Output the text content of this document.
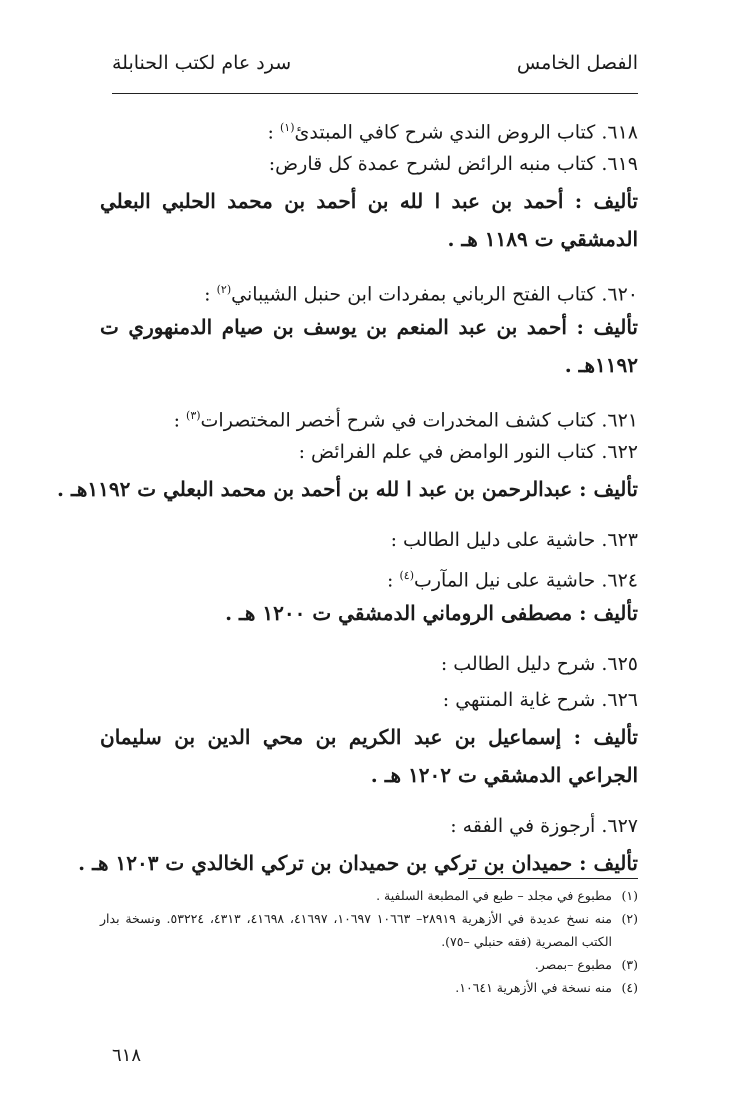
الفصل الخامس
سرد عام لكتب الحنابلة
٦١٨. كتاب الروض الندي شرح كافي المبتدئ$^{(١)}$ :
٦١٩. كتاب منبه الرائض لشرح عمدة كل قارض:
تأليف : أحمد بن عبد ا لله بن أحمد بن محمد الحلبي البعلي الدمشقي ت ١١٨٩ هـ .
٦٢٠. كتاب الفتح الرباني بمفردات ابن حنبل الشيباني$^{(٢)}$ :
تأليف : أحمد بن عبد المنعم بن يوسف بن صيام الدمنهوري ت ١١٩٢هـ .
٦٢١. كتاب كشف المخدرات في شرح أخصر المختصرات$^{(٣)}$ :
٦٢٢. كتاب النور الوامض في علم الفرائض :
تأليف : عبدالرحمن بن عبد ا لله بن أحمد بن محمد البعلي ت ١١٩٢هـ .
٦٢٣. حاشية على دليل الطالب :
٦٢٤. حاشية على نيل المآرب$^{(٤)}$ :
تأليف : مصطفى الروماني الدمشقي ت ١٢٠٠ هـ .
٦٢٥. شرح دليل الطالب :
٦٢٦. شرح غاية المنتهي :
تأليف : إسماعيل بن عبد الكريم بن محي الدين بن سليمان الجراعي الدمشقي ت ١٢٠٢ هـ .
٦٢٧. أرجوزة في الفقه :
تأليف : حميدان بن تركي بن حميدان بن تركي الخالدي ت ١٢٠٣ هـ .
(١)
مطبوع في مجلد – طبع في المطبعة السلفية .
(٢)
منه نسخ عديدة في الأزهرية ٢٨٩١٩– ١٠٦٦٣ ١٠٦٩٧، ٤١٦٩٧، ٤١٦٩٨، ٤٣١٣، ٥٣٢٢٤. ونسخة بدار الكتب المصرية (فقه حنبلي –٧٥).
(٣)
مطبوع –بمصر.
(٤)
منه نسخة في الأزهرية ١٠٦٤١.
٦١٨
